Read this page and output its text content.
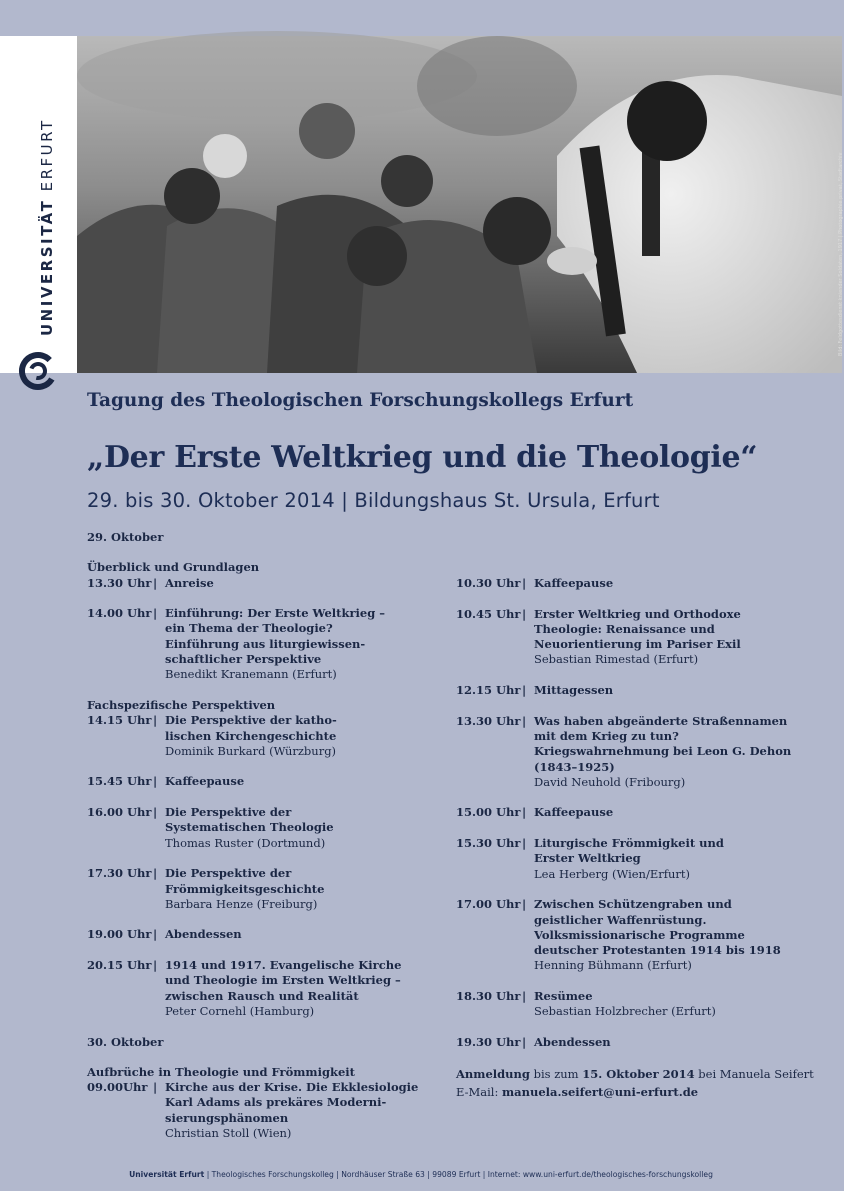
UNIVERSITÄT ERFURT	Bild: Feldgottesdienst kniender Soldaten, 1917 | Photographie privat, Stadtarchiv
Tagung des Theologischen Forschungskollegs Erfurt
„Der Erste Weltkrieg und die Theologie“
29. bis 30. Oktober 2014 | Bildungshaus St. Ursula, Erfurt
29. Oktober
Überblick und Grundlagen
13.30 Uhr | Anreise
14.00 Uhr | Einführung: Der Erste Weltkrieg –
ein Thema der Theologie?
Einführung aus liturgiewissen-
schaftlicher Perspektive
Benedikt Kranemann (Erfurt)
Fachspezifische Perspektiven
14.15 Uhr | Die Perspektive der katho-
lischen Kirchengeschichte
Dominik Burkard (Würzburg)
15.45 Uhr | Kaffeepause
16.00 Uhr | Die Perspektive der
Systematischen Theologie
Thomas Ruster (Dortmund)
17.30 Uhr | Die Perspektive der
Frömmigkeitsgeschichte
Barbara Henze (Freiburg)
19.00 Uhr | Abendessen
20.15 Uhr | 1914 und 1917. Evangelische Kirche
und Theologie im Ersten Weltkrieg –
zwischen Rausch und Realität
Peter Cornehl (Hamburg)
30. Oktober
Aufbrüche in Theologie und Frömmigkeit
09.00Uhr | Kirche aus der Krise. Die Ekklesiologie
Karl Adams als prekäres Moderni-
sierungsphänomen
Christian Stoll (Wien)
10.30 Uhr | Kaffeepause
10.45 Uhr | Erster Weltkrieg und Orthodoxe
Theologie: Renaissance und
Neuorientierung im Pariser Exil
Sebastian Rimestad (Erfurt)
12.15 Uhr | Mittagessen
13.30 Uhr | Was haben abgeänderte Straßennamen
mit dem Krieg zu tun?
Kriegswahrnehmung bei Leon G. Dehon
(1843–1925)
David Neuhold (Fribourg)
15.00 Uhr | Kaffeepause
15.30 Uhr | Liturgische Frömmigkeit und
Erster Weltkrieg
Lea Herberg (Wien/Erfurt)
17.00 Uhr | Zwischen Schützengraben und
geistlicher Waffenrüstung.
Volksmissionarische Programme
deutscher Protestanten 1914 bis 1918
Henning Bühmann (Erfurt)
18.30 Uhr | Resümee
Sebastian Holzbrecher (Erfurt)
19.30 Uhr | Abendessen
Anmeldung bis zum 15. Oktober 2014 bei Manuela Seifert
E-Mail: manuela.seifert@uni-erfurt.de
Universität Erfurt | Theologisches Forschungskolleg | Nordhäuser Straße 63 | 99089 Erfurt | Internet: www.uni-erfurt.de/theologisches-forschungskolleg
